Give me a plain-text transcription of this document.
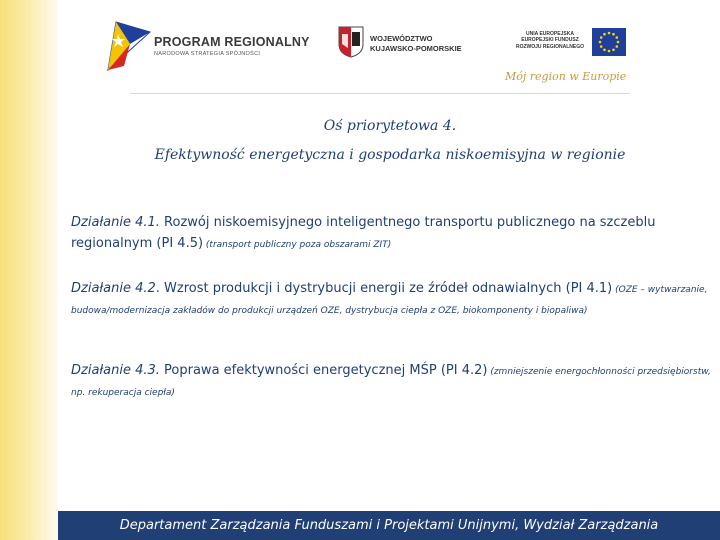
PROGRAM REGIONALNY
NARODOWA STRATEGIA SPÓJNOŚCI
WOJEWÓDZTWO
KUJAWSKO-POMORSKIE
UNIA EUROPEJSKA
EUROPEJSKI FUNDUSZ
ROZWOJU REGIONALNEGO
Mój region w Europie
Oś priorytetowa 4.
Efektywność energetyczna i gospodarka niskoemisyjna w regionie
Działanie 4.1. Rozwój niskoemisyjnego inteligentnego transportu publicznego na szczeblu regionalnym (PI 4.5) (transport publiczny poza obszarami ZIT)
Działanie 4.2. Wzrost produkcji i dystrybucji energii ze źródeł odnawialnych (PI 4.1) (OZE – wytwarzanie, budowa/modernizacja zakładów do produkcji urządzeń OZE, dystrybucja ciepła z OZE, biokomponenty i biopaliwa)
Działanie 4.3. Poprawa efektywności energetycznej MŚP (PI 4.2) (zmniejszenie energochłonności przedsiębiorstw, np. rekuperacja ciepła)
Departament Zarządzania Funduszami i Projektami Unijnymi, Wydział Zarządzania
